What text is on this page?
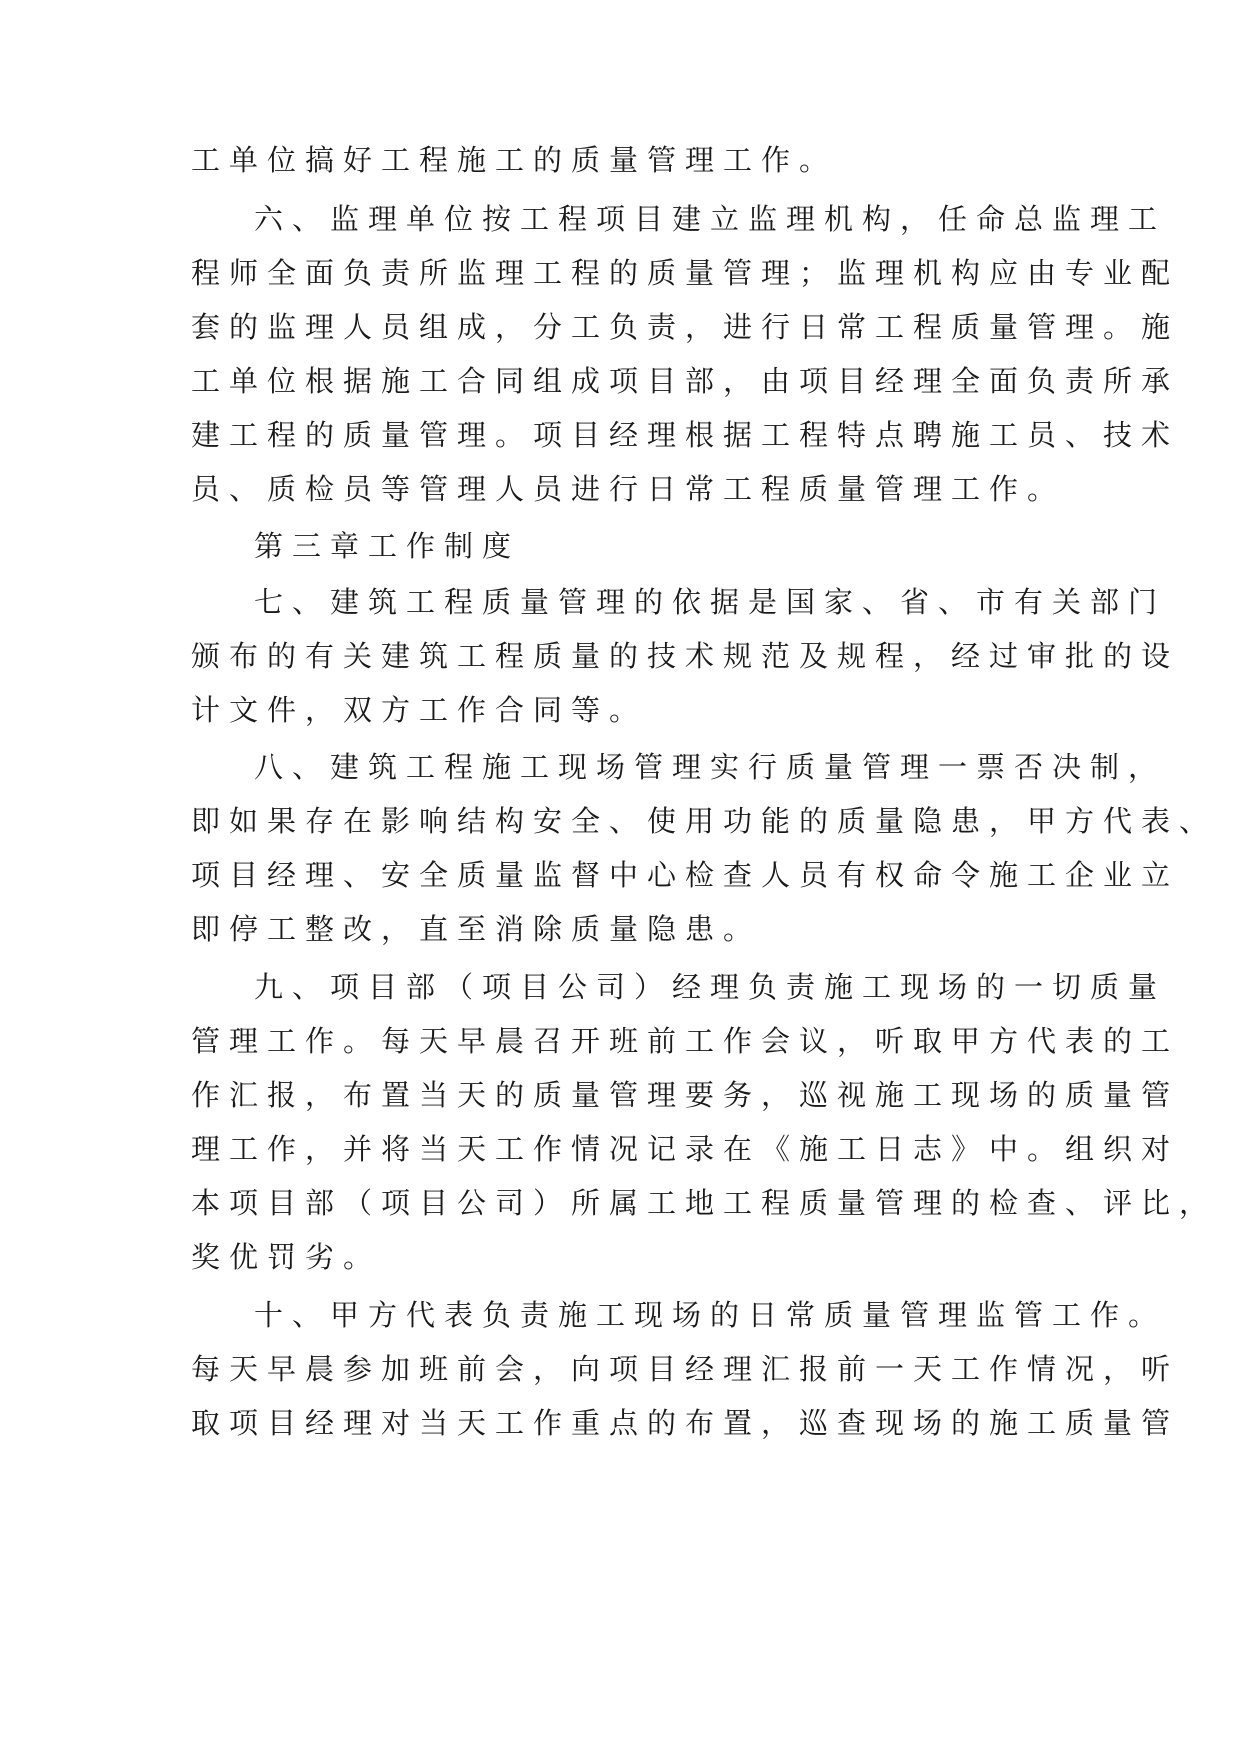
工单位搞好工程施工的质量管理工作。
六、监理单位按工程项目建立监理机构，任命总监理工
程师全面负责所监理工程的质量管理；监理机构应由专业配
套的监理人员组成，分工负责，进行日常工程质量管理。施
工单位根据施工合同组成项目部，由项目经理全面负责所承
建工程的质量管理。项目经理根据工程特点聘施工员、技术
员、质检员等管理人员进行日常工程质量管理工作。
第三章工作制度
七、建筑工程质量管理的依据是国家、省、市有关部门
颁布的有关建筑工程质量的技术规范及规程，经过审批的设
计文件，双方工作合同等。
八、建筑工程施工现场管理实行质量管理一票否决制，
即如果存在影响结构安全、使用功能的质量隐患，甲方代表、
项目经理、安全质量监督中心检查人员有权命令施工企业立
即停工整改，直至消除质量隐患。
九、项目部（项目公司）经理负责施工现场的一切质量
管理工作。每天早晨召开班前工作会议，听取甲方代表的工
作汇报，布置当天的质量管理要务，巡视施工现场的质量管
理工作，并将当天工作情况记录在《施工日志》中。组织对
本项目部（项目公司）所属工地工程质量管理的检查、评比，
奖优罚劣。
十、甲方代表负责施工现场的日常质量管理监管工作。
每天早晨参加班前会，向项目经理汇报前一天工作情况，听
取项目经理对当天工作重点的布置，巡查现场的施工质量管
